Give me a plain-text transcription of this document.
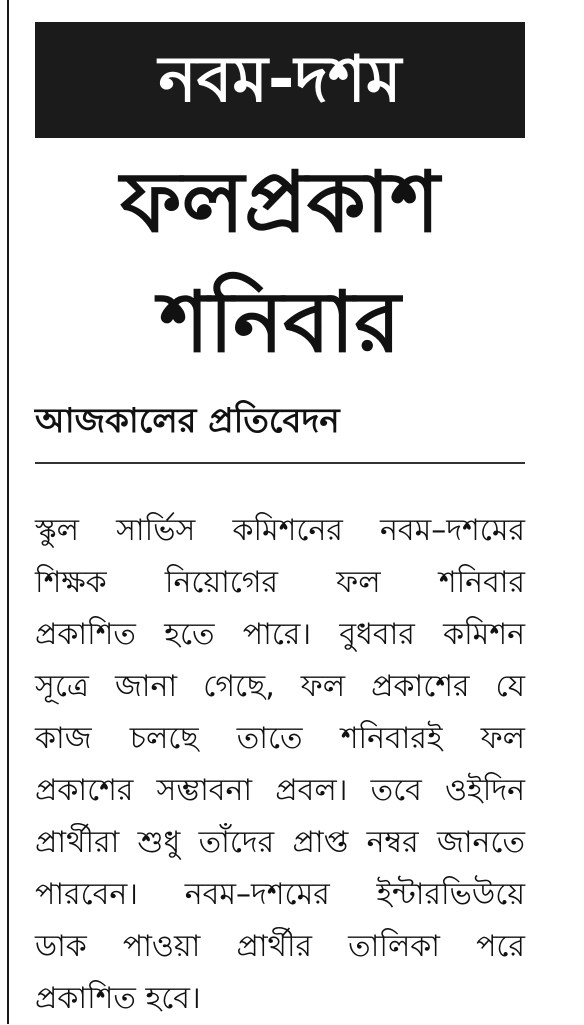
নবম-দশম
ফলপ্রকাশ
শনিবার
আজকালের প্রতিবেদন
স্কুল সার্ভিস কমিশনের নবম–দশমের
শিক্ষক নিয়োগের ফল শনিবার
প্রকাশিত হতে পারে। বুধবার কমিশন
সূত্রে জানা গেছে, ফল প্রকাশের যে
কাজ চলছে তাতে শনিবারই ফল
প্রকাশের সম্ভাবনা প্রবল। তবে ওইদিন
প্রার্থীরা শুধু তাঁদের প্রাপ্ত নম্বর জানতে
পারবেন। নবম–দশমের ইন্টারভিউয়ে
ডাক পাওয়া প্রার্থীর তালিকা পরে
প্রকাশিত হবে।
